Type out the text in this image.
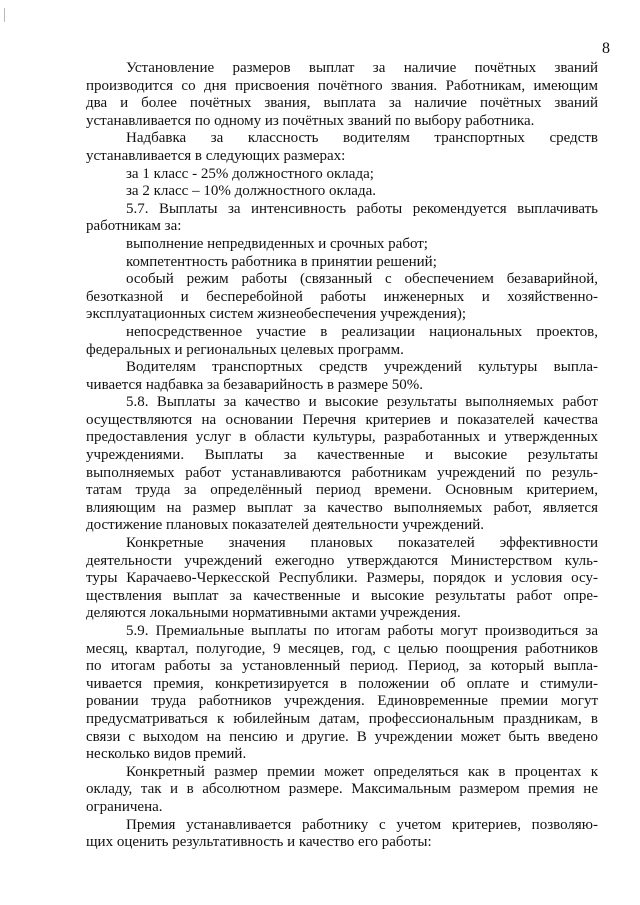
8
Установление размеров выплат за наличие почётных званий
производится со дня присвоения почётного звания. Работникам, имеющим
два и более почётных звания, выплата за наличие почётных званий
устанавливается по одному из почётных званий по выбору работника.
Надбавка за классность водителям транспортных средств
устанавливается в следующих размерах:
за 1 класс - 25% должностного оклада;
за 2 класс – 10% должностного оклада.
5.7. Выплаты за интенсивность работы рекомендуется выплачивать
работникам за:
выполнение непредвиденных и срочных работ;
компетентность работника в принятии решений;
особый режим работы (связанный с обеспечением безаварийной,
безотказной и бесперебойной работы инженерных и хозяйственно-
эксплуатационных систем жизнеобеспечения учреждения);
непосредственное участие в реализации национальных проектов,
федеральных и региональных целевых программ.
Водителям транспортных средств учреждений культуры выпла-
чивается надбавка за безаварийность в размере 50%.
5.8. Выплаты за качество и высокие результаты выполняемых работ
осуществляются на основании Перечня критериев и показателей качества
предоставления услуг в области культуры, разработанных и утвержденных
учреждениями. Выплаты за качественные и высокие результаты
выполняемых работ устанавливаются работникам учреждений по резуль-
татам труда за определённый период времени. Основным критерием,
влияющим на размер выплат за качество выполняемых работ, является
достижение плановых показателей деятельности учреждений.
Конкретные значения плановых показателей эффективности
деятельности учреждений ежегодно утверждаются Министерством куль-
туры Карачаево-Черкесской Республики. Размеры, порядок и условия осу-
ществления выплат за качественные и высокие результаты работ опре-
деляются локальными нормативными актами учреждения.
5.9. Премиальные выплаты по итогам работы могут производиться за
месяц, квартал, полугодие, 9 месяцев, год, с целью поощрения работников
по итогам работы за установленный период. Период, за который выпла-
чивается премия, конкретизируется в положении об оплате и стимули-
ровании труда работников учреждения. Единовременные премии могут
предусматриваться к юбилейным датам, профессиональным праздникам, в
связи с выходом на пенсию и другие. В учреждении может быть введено
несколько видов премий.
Конкретный размер премии может определяться как в процентах к
окладу, так и в абсолютном размере. Максимальным размером премия не
ограничена.
Премия устанавливается работнику с учетом критериев, позволяю-
щих оценить результативность и качество его работы:
